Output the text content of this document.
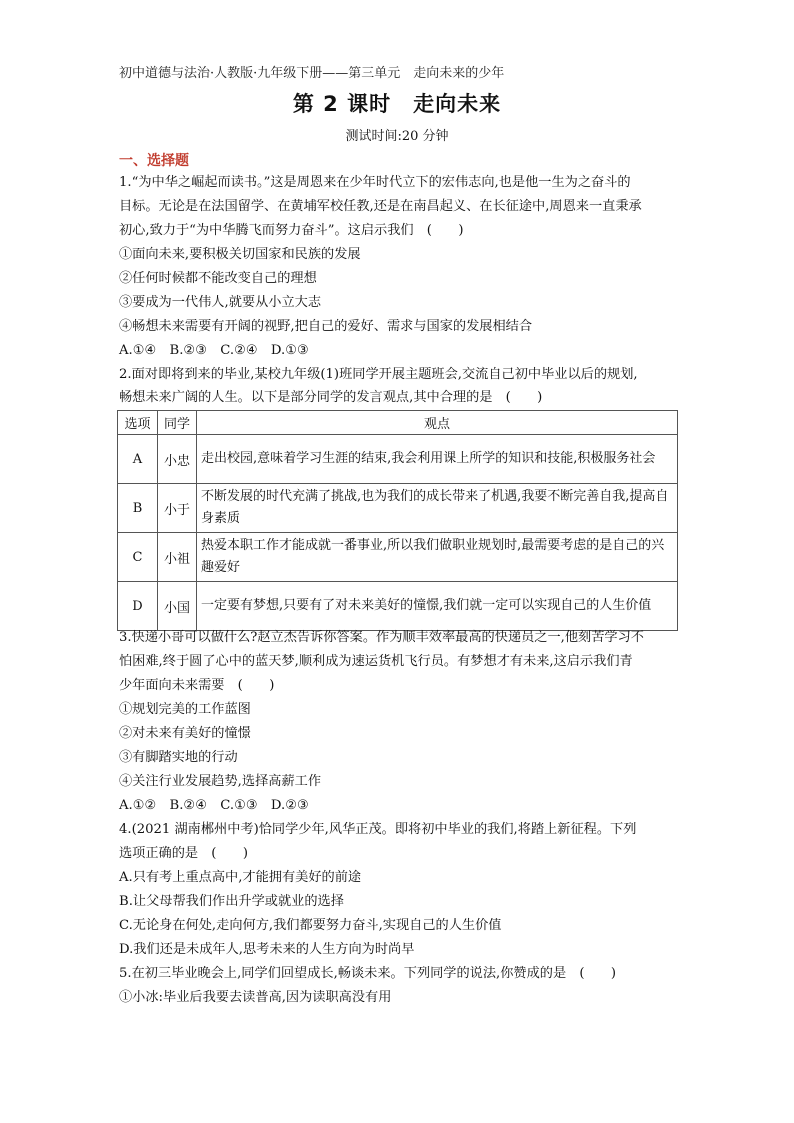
初中道德与法治·人教版·九年级下册——第三单元　走向未来的少年
第 2 课时　走向未来
测试时间:20 分钟
一、选择题
1.“为中华之崛起而读书。”这是周恩来在少年时代立下的宏伟志向,也是他一生为之奋斗的
目标。无论是在法国留学、在黄埔军校任教,还是在南昌起义、在长征途中,周恩来一直秉承
初心,致力于“为中华腾飞而努力奋斗”。这启示我们　(　　)
①面向未来,要积极关切国家和民族的发展
②任何时候都不能改变自己的理想
③要成为一代伟人,就要从小立大志
④畅想未来需要有开阔的视野,把自己的爱好、需求与国家的发展相结合
A.①④　B.②③　C.②④　D.①③
2.面对即将到来的毕业,某校九年级(1)班同学开展主题班会,交流自己初中毕业以后的规划,
畅想未来广阔的人生。以下是部分同学的发言观点,其中合理的是　(　　)
选项	同学	观点
A	小忠	走出校园,意味着学习生涯的结束,我会利用课上所学的知识和技能,积极服务社会
B	小于	不断发展的时代充满了挑战,也为我们的成长带来了机遇,我要不断完善自我,提高自身素质
C	小祖	热爱本职工作才能成就一番事业,所以我们做职业规划时,最需要考虑的是自己的兴趣爱好
D	小国	一定要有梦想,只要有了对未来美好的憧憬,我们就一定可以实现自己的人生价值
3.快递小哥可以做什么?赵立杰告诉你答案。作为顺丰效率最高的快递员之一,他刻苦学习不
怕困难,终于圆了心中的蓝天梦,顺利成为速运货机飞行员。有梦想才有未来,这启示我们青
少年面向未来需要　(　　)
①规划完美的工作蓝图
②对未来有美好的憧憬
③有脚踏实地的行动
④关注行业发展趋势,选择高薪工作
A.①②　B.②④　C.①③　D.②③
4.(2021 湖南郴州中考)恰同学少年,风华正茂。即将初中毕业的我们,将踏上新征程。下列
选项正确的是　(　　)
A.只有考上重点高中,才能拥有美好的前途
B.让父母帮我们作出升学或就业的选择
C.无论身在何处,走向何方,我们都要努力奋斗,实现自己的人生价值
D.我们还是未成年人,思考未来的人生方向为时尚早
5.在初三毕业晚会上,同学们回望成长,畅谈未来。下列同学的说法,你赞成的是　(　　)
①小冰:毕业后我要去读普高,因为读职高没有用
